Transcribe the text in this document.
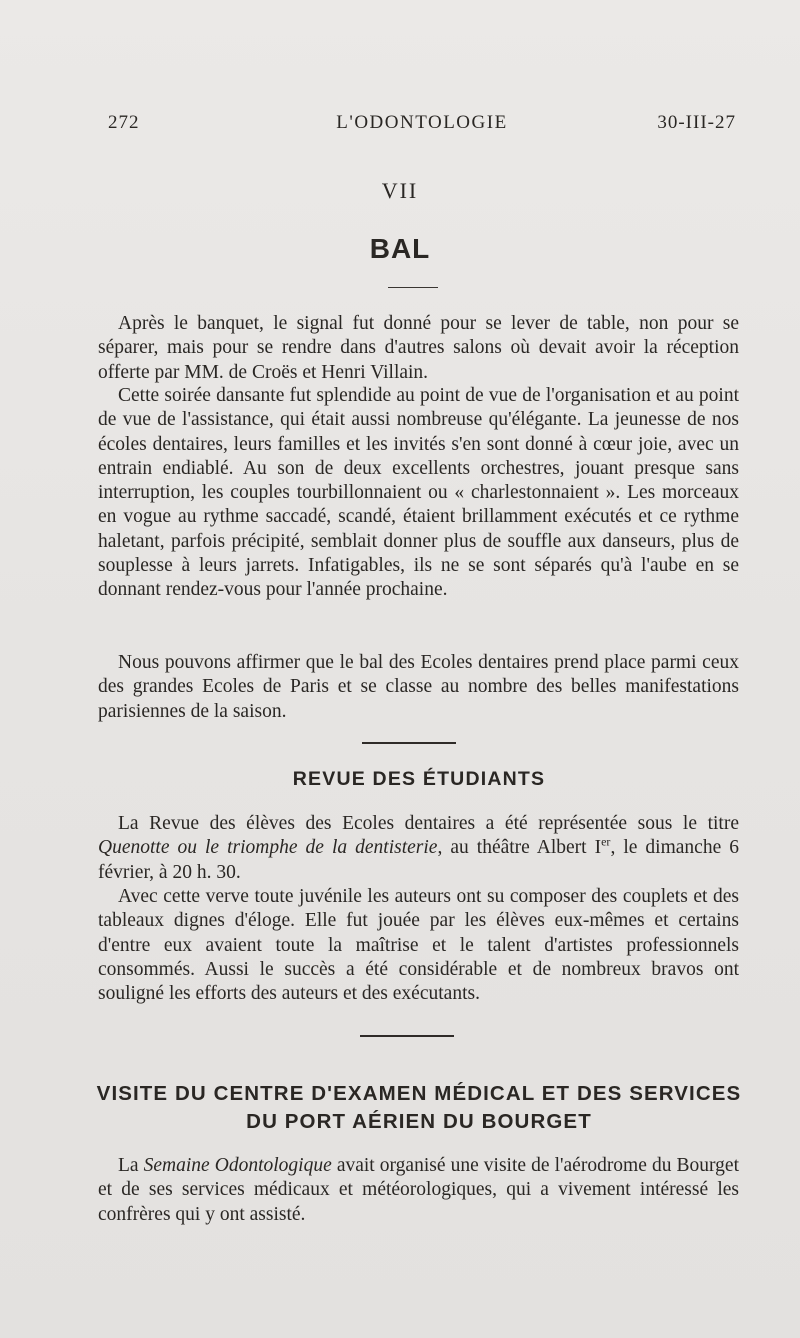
272	L'ODONTOLOGIE	30-III-27
VII
BAL

Après le banquet, le signal fut donné pour se lever de table, non pour se séparer, mais pour se rendre dans d'autres salons où devait avoir la réception offerte par MM. de Croës et Henri Villain.

Cette soirée dansante fut splendide au point de vue de l'organisation et au point de vue de l'assistance, qui était aussi nombreuse qu'élégante. La jeunesse de nos écoles dentaires, leurs familles et les invités s'en sont donné à cœur joie, avec un entrain endiablé. Au son de deux excellents orchestres, jouant presque sans interruption, les couples tourbillonnaient ou « charlestonnaient ». Les morceaux en vogue au rythme saccadé, scandé, étaient brillamment exécutés et ce rythme haletant, parfois précipité, semblait donner plus de souffle aux danseurs, plus de souplesse à leurs jarrets. Infatigables, ils ne se sont séparés qu'à l'aube en se donnant rendez-vous pour l'année prochaine.

Nous pouvons affirmer que le bal des Ecoles dentaires prend place parmi ceux des grandes Ecoles de Paris et se classe au nombre des belles manifestations parisiennes de la saison.

REVUE DES ÉTUDIANTS

La Revue des élèves des Ecoles dentaires a été représentée sous le titre Quenotte ou le triomphe de la dentisterie, au théâtre Albert Ier, le dimanche 6 février, à 20 h. 30.

Avec cette verve toute juvénile les auteurs ont su composer des couplets et des tableaux dignes d'éloge. Elle fut jouée par les élèves eux-mêmes et certains d'entre eux avaient toute la maîtrise et le talent d'artistes professionnels consommés. Aussi le succès a été considérable et de nombreux bravos ont souligné les efforts des auteurs et des exécutants.

VISITE DU CENTRE D'EXAMEN MÉDICAL ET DES SERVICES DU PORT AÉRIEN DU BOURGET

La Semaine Odontologique avait organisé une visite de l'aérodrome du Bourget et de ses services médicaux et météorologiques, qui a vivement intéressé les confrères qui y ont assisté.
